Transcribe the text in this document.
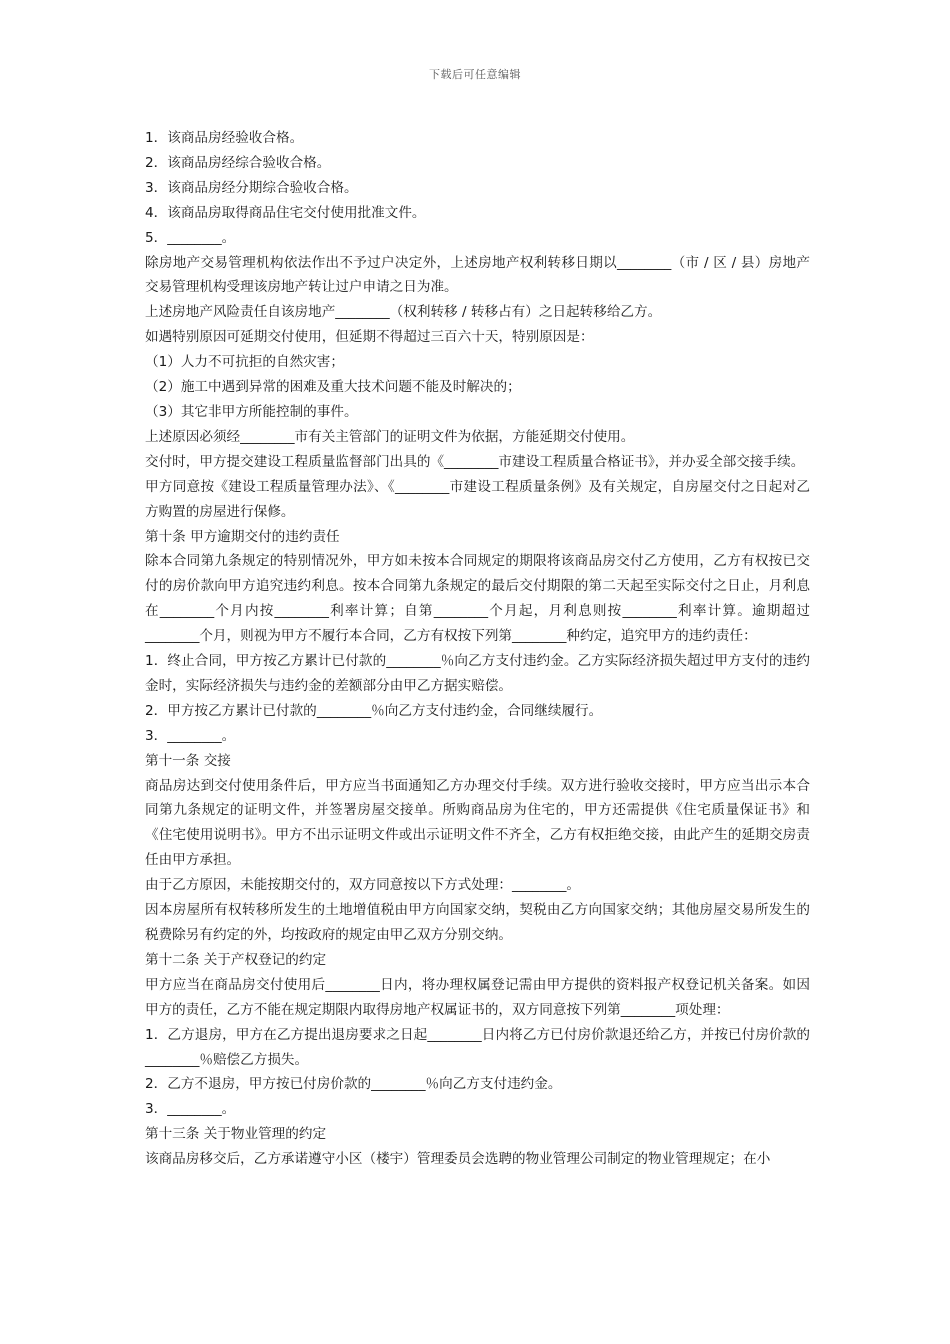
下载后可任意编辑

1．该商品房经验收合格。

2．该商品房经综合验收合格。

3．该商品房经分期综合验收合格。

4．该商品房取得商品住宅交付使用批准文件。

5．________。

除房地产交易管理机构依法作出不予过户决定外，上述房地产权利转移日期以________（市 / 区 / 县）房地产交易管理机构受理该房地产转让过户申请之日为准。

上述房地产风险责任自该房地产________（权利转移 / 转移占有）之日起转移给乙方。

如遇特别原因可延期交付使用，但延期不得超过三百六十天，特别原因是：

（1）人力不可抗拒的自然灾害；

（2）施工中遇到异常的困难及重大技术问题不能及时解决的；

（3）其它非甲方所能控制的事件。

上述原因必须经________市有关主管部门的证明文件为依据，方能延期交付使用。

交付时，甲方提交建设工程质量监督部门出具的《________市建设工程质量合格证书》，并办妥全部交接手续。

甲方同意按《建设工程质量管理办法》、《________市建设工程质量条例》及有关规定，自房屋交付之日起对乙方购置的房屋进行保修。

第十条 甲方逾期交付的违约责任

除本合同第九条规定的特别情况外，甲方如未按本合同规定的期限将该商品房交付乙方使用，乙方有权按已交付的房价款向甲方追究违约利息。按本合同第九条规定的最后交付期限的第二天起至实际交付之日止，月利息在________个月内按________利率计算；自第________个月起，月利息则按________利率计算。逾期超过________个月，则视为甲方不履行本合同，乙方有权按下列第________种约定，追究甲方的违约责任：

1．终止合同，甲方按乙方累计已付款的________％向乙方支付违约金。乙方实际经济损失超过甲方支付的违约金时，实际经济损失与违约金的差额部分由甲乙方据实赔偿。

2．甲方按乙方累计已付款的________％向乙方支付违约金，合同继续履行。

3．________。

第十一条 交接

商品房达到交付使用条件后，甲方应当书面通知乙方办理交付手续。双方进行验收交接时，甲方应当出示本合同第九条规定的证明文件，并签署房屋交接单。所购商品房为住宅的，甲方还需提供《住宅质量保证书》和《住宅使用说明书》。甲方不出示证明文件或出示证明文件不齐全，乙方有权拒绝交接，由此产生的延期交房责任由甲方承担。

由于乙方原因，未能按期交付的，双方同意按以下方式处理：________。

因本房屋所有权转移所发生的土地增值税由甲方向国家交纳，契税由乙方向国家交纳；其他房屋交易所发生的税费除另有约定的外，均按政府的规定由甲乙双方分别交纳。

第十二条 关于产权登记的约定

甲方应当在商品房交付使用后________日内，将办理权属登记需由甲方提供的资料报产权登记机关备案。如因甲方的责任，乙方不能在规定期限内取得房地产权属证书的，双方同意按下列第________项处理：

1．乙方退房，甲方在乙方提出退房要求之日起________日内将乙方已付房价款退还给乙方，并按已付房价款的________％赔偿乙方损失。

2．乙方不退房，甲方按已付房价款的________％向乙方支付违约金。

3．________。

第十三条 关于物业管理的约定

该商品房移交后，乙方承诺遵守小区（楼宇）管理委员会选聘的物业管理公司制定的物业管理规定；在小
